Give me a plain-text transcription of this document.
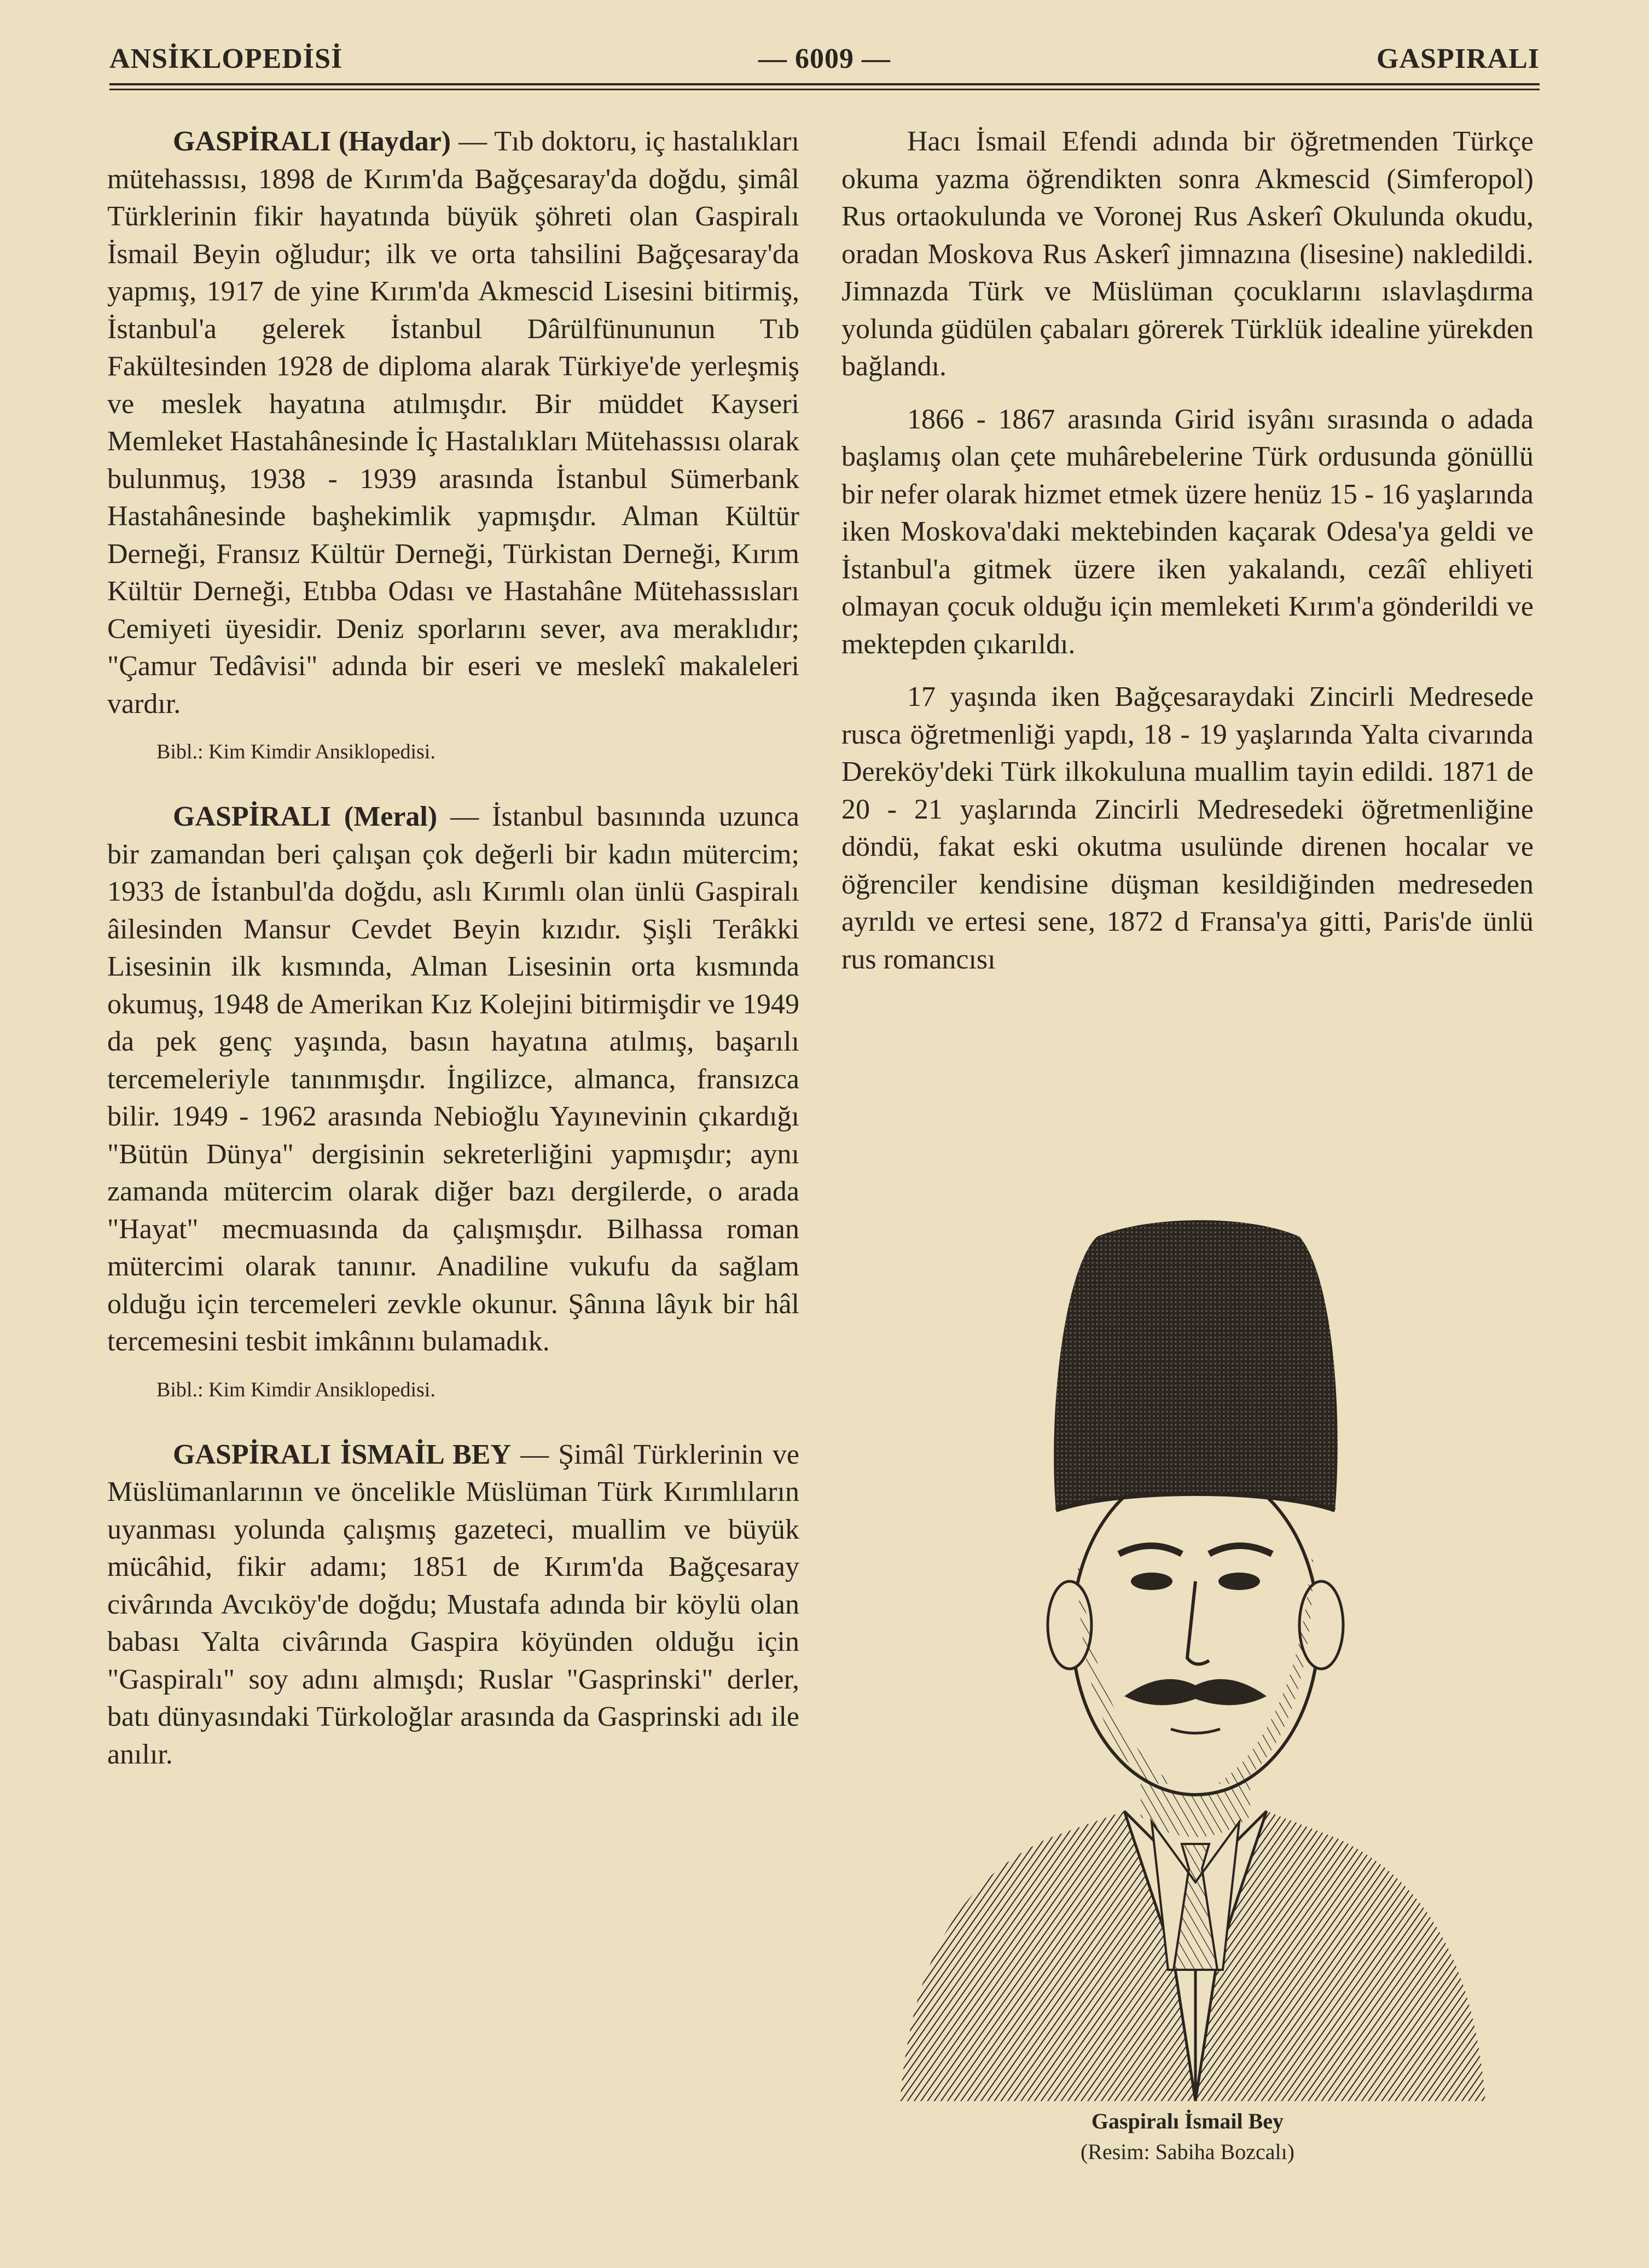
ANSİKLOPEDİSİ	— 6009 —	GASPIRALI

GASPİRALI (Haydar) — Tıb doktoru, iç hastalıkları mütehassısı, 1898 de Kırım'da Bağçesaray'da doğdu, şimâl Türklerinin fikir hayatında büyük şöhreti olan Gaspiralı İsmail Beyin oğludur; ilk ve orta tahsilini Bağçesaray'da yapmış, 1917 de yine Kırım'da Akmescid Lisesini bitirmiş, İstanbul'a gelerek İstanbul Dârülfünununun Tıb Fakültesinden 1928 de diploma alarak Türkiye'de yerleşmiş ve meslek hayatına atılmışdır. Bir müddet Kayseri Memleket Hastahânesinde İç Hastalıkları Mütehassısı olarak bulunmuş, 1938 - 1939 arasında İstanbul Sümerbank Hastahânesinde başhekimlik yapmışdır. Alman Kültür Derneği, Fransız Kültür Derneği, Türkistan Derneği, Kırım Kültür Derneği, Etıbba Odası ve Hastahâne Mütehassısları Cemiyeti üyesidir. Deniz sporlarını sever, ava meraklıdır; "Çamur Tedâvisi" adında bir eseri ve meslekî makaleleri vardır.

Bibl.: Kim Kimdir Ansiklopedisi.

GASPİRALI (Meral) — İstanbul basınında uzunca bir zamandan beri çalışan çok değerli bir kadın mütercim; 1933 de İstanbul'da doğdu, aslı Kırımlı olan ünlü Gaspiralı âilesinden Mansur Cevdet Beyin kızıdır. Şişli Terâkki Lisesinin ilk kısmında, Alman Lisesinin orta kısmında okumuş, 1948 de Amerikan Kız Kolejini bitirmişdir ve 1949 da pek genç yaşında, basın hayatına atılmış, başarılı tercemeleriyle tanınmışdır. İngilizce, almanca, fransızca bilir. 1949 - 1962 arasında Nebioğlu Yayınevinin çıkardığı "Bütün Dünya" dergisinin sekreterliğini yapmışdır; aynı zamanda mütercim olarak diğer bazı dergilerde, o arada "Hayat" mecmuasında da çalışmışdır. Bilhassa roman mütercimi olarak tanınır. Anadiline vukufu da sağlam olduğu için tercemeleri zevkle okunur. Şânına lâyık bir hâl tercemesini tesbit imkânını bulamadık.

Bibl.: Kim Kimdir Ansiklopedisi.

GASPİRALI İSMAİL BEY — Şimâl Türklerinin ve Müslümanlarının ve öncelikle Müslüman Türk Kırımlıların uyanması yolunda çalışmış gazeteci, muallim ve büyük mücâhid, fikir adamı; 1851 de Kırım'da Bağçesaray civârında Avcıköy'de doğdu; Mustafa adında bir köylü olan babası Yalta civârında Gaspira köyünden olduğu için "Gaspiralı" soy adını almışdı; Ruslar "Gasprinski" derler, batı dünyasındaki Türkoloğlar arasında da Gasprinski adı ile anılır.

Hacı İsmail Efendi adında bir öğretmenden Türkçe okuma yazma öğrendikten sonra Akmescid (Simferopol) Rus ortaokulunda ve Voronej Rus Askerî Okulunda okudu, oradan Moskova Rus Askerî jimnazına (lisesine) nakledildi. Jimnazda Türk ve Müslüman çocuklarını ıslavlaşdırma yolunda güdülen çabaları görerek Türklük idealine yürekden bağlandı.

1866 - 1867 arasında Girid isyânı sırasında o adada başlamış olan çete muhârebelerine Türk ordusunda gönüllü bir nefer olarak hizmet etmek üzere henüz 15 - 16 yaşlarında iken Moskova'daki mektebinden kaçarak Odesa'ya geldi ve İstanbul'a gitmek üzere iken yakalandı, cezâî ehliyeti olmayan çocuk olduğu için memleketi Kırım'a gönderildi ve mektepden çıkarıldı.

17 yaşında iken Bağçesaraydaki Zincirli Medresede rusca öğretmenliği yapdı, 18 - 19 yaşlarında Yalta civarında Dereköy'deki Türk ilkokuluna muallim tayin edildi. 1871 de 20 - 21 yaşlarında Zincirli Medresedeki öğretmenliğine döndü, fakat eski okutma usulünde direnen hocalar ve öğrenciler kendisine düşman kesildiğinden medreseden ayrıldı ve ertesi sene, 1872 d Fransa'ya gitti, Paris'de ünlü rus romancısı

Gaspiralı İsmail Bey
(Resim: Sabiha Bozcalı)
